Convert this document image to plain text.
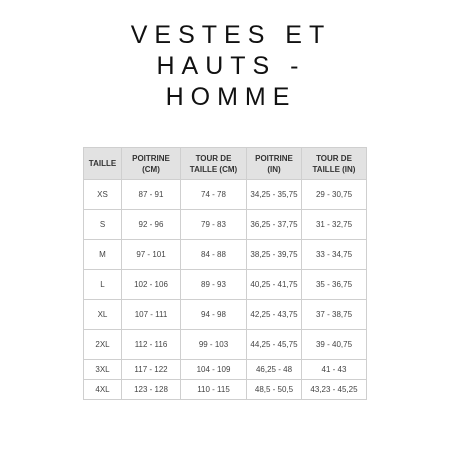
VESTES ET
HAUTS -
HOMME
TAILLE	POITRINE (CM)	TOUR DE TAILLE (CM)	POITRINE (IN)	TOUR DE TAILLE (IN)
XS	87 - 91	74 - 78	34,25 - 35,75	29 - 30,75
S	92 - 96	79 - 83	36,25 - 37,75	31 - 32,75
M	97 - 101	84 - 88	38,25 - 39,75	33 - 34,75
L	102 - 106	89 - 93	40,25 - 41,75	35 - 36,75
XL	107 - 111	94 - 98	42,25 - 43,75	37 - 38,75
2XL	112 - 116	99 - 103	44,25 - 45,75	39 - 40,75
3XL	117 - 122	104 - 109	46,25 - 48	41 - 43
4XL	123 - 128	110 - 115	48,5 - 50,5	43,23 - 45,25
